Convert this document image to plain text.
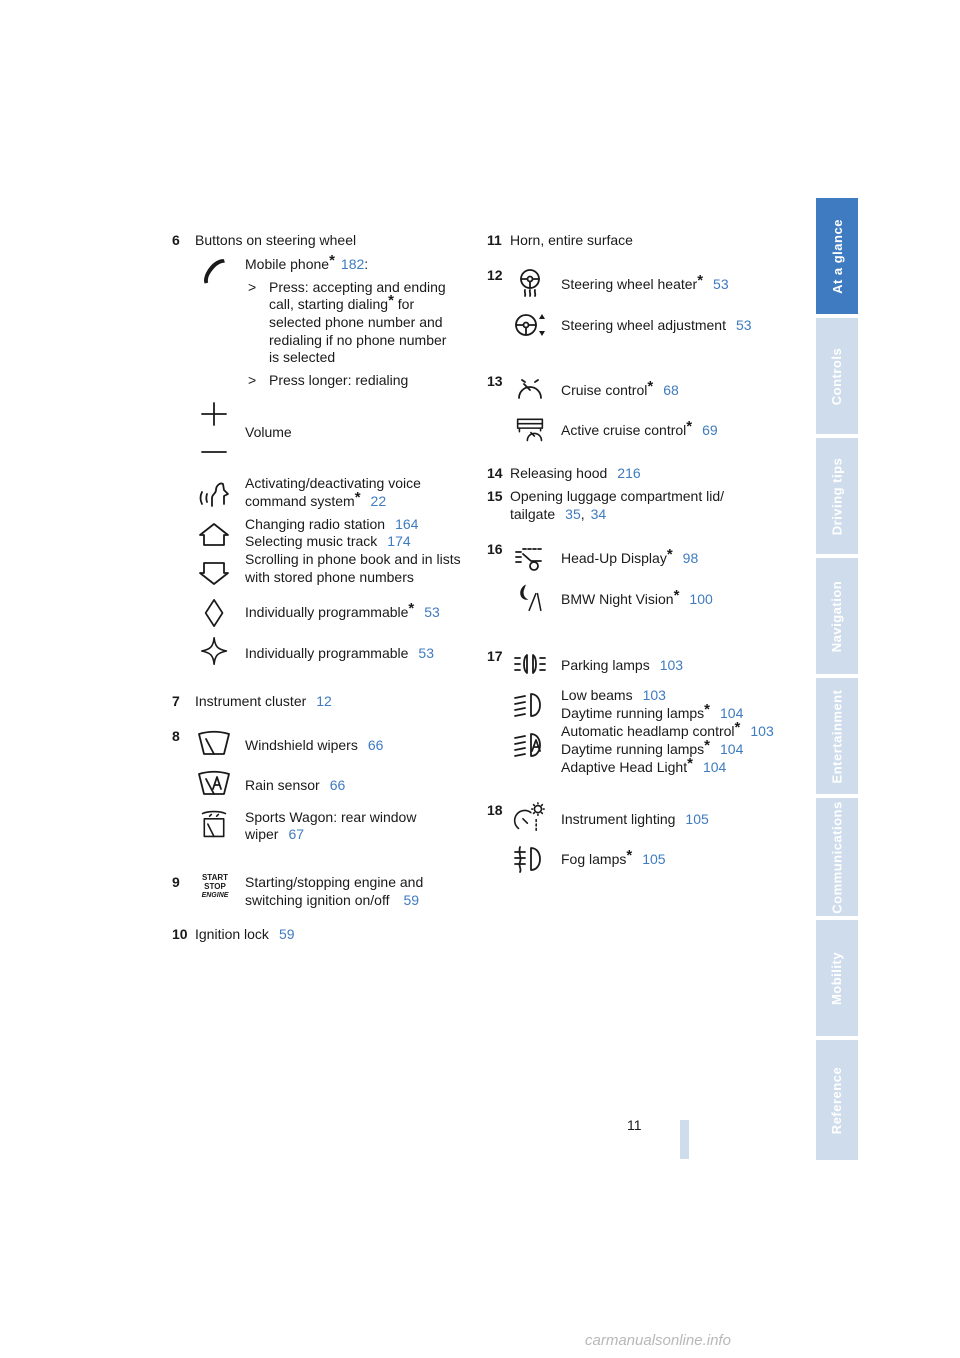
At a glance
Controls
Driving tips
Navigation
Entertainment
Communications
Mobility
Reference
6 Buttons on steering wheel
Mobile phone* 182:
> Press: accepting and ending
call, starting dialing* for
selected phone number and
redialing if no phone number
is selected
> Press longer: redialing
Volume
Activating/deactivating voice
command system* 22
Changing radio station 164
Selecting music track 174
Scrolling in phone book and in lists
with stored phone numbers
Individually programmable* 53
Individually programmable 53
7 Instrument cluster 12
8
Windshield wipers 66
Rain sensor 66
Sports Wagon: rear window
wiper 67
9	START
STOP
ENGINE
Starting/stopping engine and
switching ignition on/off 59
10 Ignition lock 59
11 Horn, entire surface
12
Steering wheel heater* 53
Steering wheel adjustment 53
13
Cruise control* 68
Active cruise control* 69
14 Releasing hood 216
15 Opening luggage compartment lid/
tailgate 35, 34
16
Head-Up Display* 98
BMW Night Vision* 100
17
Parking lamps 103
Low beams 103
Daytime running lamps* 104
Automatic headlamp control* 103
Daytime running lamps* 104
Adaptive Head Light* 104
18
Instrument lighting 105
Fog lamps* 105
11
carmanualsonline.info
